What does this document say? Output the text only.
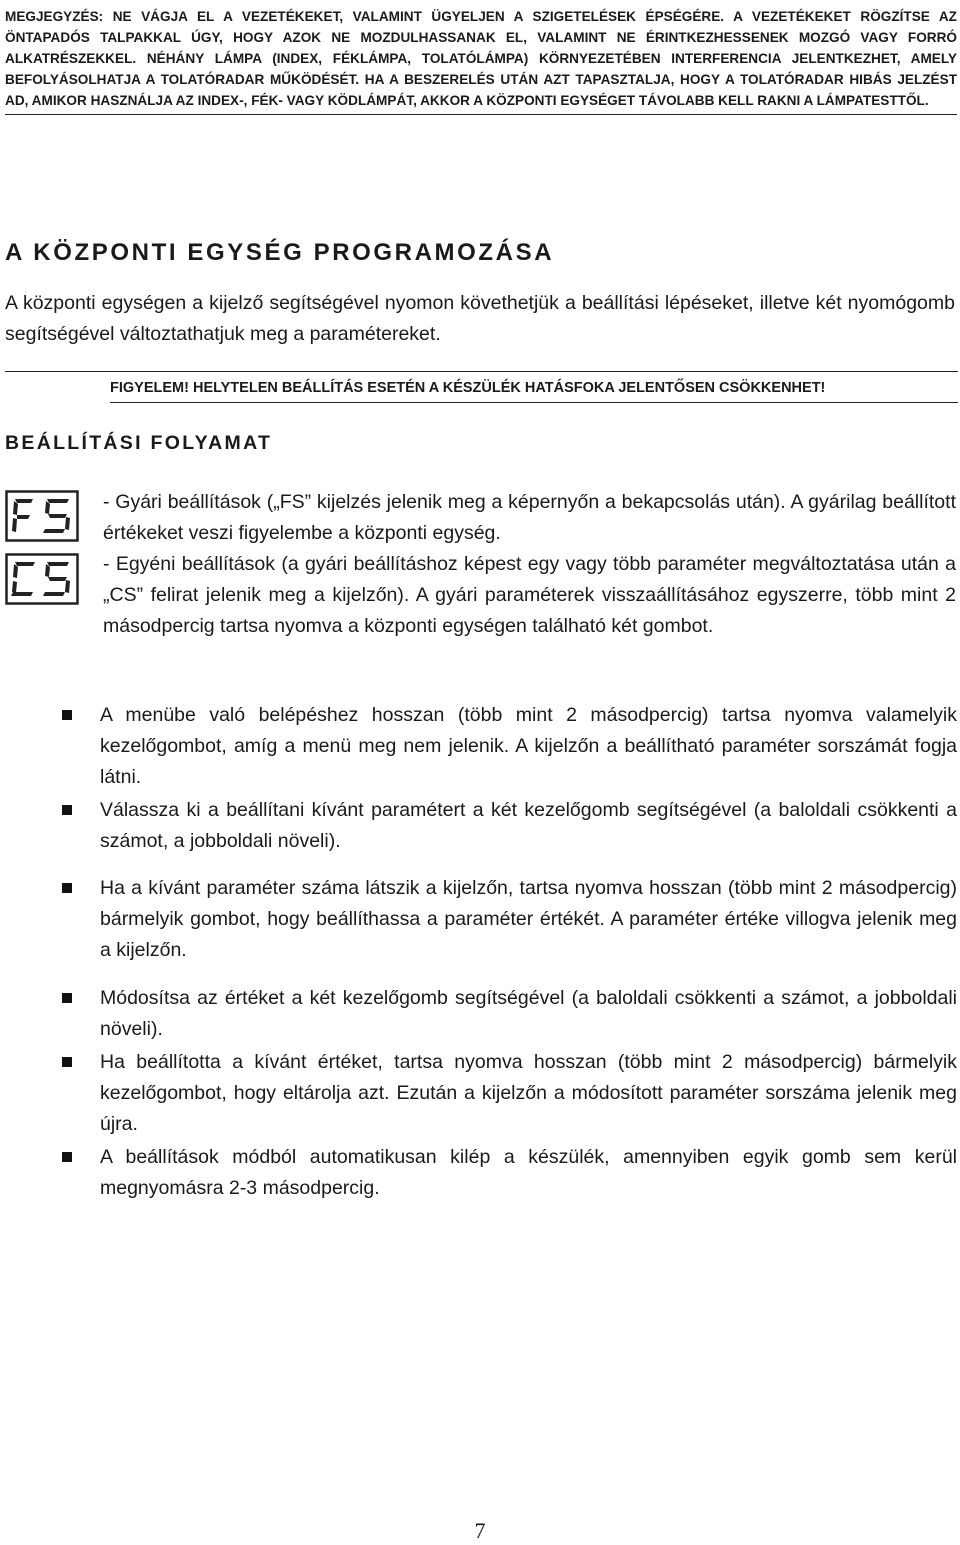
MEGJEGYZÉS: NE VÁGJA EL A VEZETÉKEKET, VALAMINT ÜGYELJEN A SZIGETELÉSEK ÉPSÉGÉRE. A VEZETÉKEKET RÖGZÍTSE AZ ÖNTAPADÓS TALPAKKAL ÚGY, HOGY AZOK NE MOZDULHASSANAK EL, VALAMINT NE ÉRINTKEZHESSENEK MOZGÓ VAGY FORRÓ ALKATRÉSZEKKEL. NÉHÁNY LÁMPA (INDEX, FÉKLÁMPA, TOLATÓLÁMPA) KÖRNYEZETÉBEN INTERFERENCIA JELENTKEZHET, AMELY BEFOLYÁSOLHATJA A TOLATÓRADAR MŰKÖDÉSÉT. HA A BESZERELÉS UTÁN AZT TAPASZTALJA, HOGY A TOLATÓRADAR HIBÁS JELZÉST AD, AMIKOR HASZNÁLJA AZ INDEX-, FÉK- VAGY KÖDLÁMPÁT, AKKOR A KÖZPONTI EGYSÉGET TÁVOLABB KELL RAKNI A LÁMPATESTTŐL.
A KÖZPONTI EGYSÉG PROGRAMOZÁSA
A központi egységen a kijelző segítségével nyomon követhetjük a beállítási lépéseket, illetve két nyomógomb segítségével változtathatjuk meg a paramétereket.
FIGYELEM! HELYTELEN BEÁLLÍTÁS ESETÉN A KÉSZÜLÉK HATÁSFOKA JELENTŐSEN CSÖKKENHET!
BEÁLLÍTÁSI FOLYAMAT

- Gyári beállítások („FS” kijelzés jelenik meg a képernyőn a bekapcsolás után). A gyárilag beállított értékeket veszi figyelembe a központi egység.

- Egyéni beállítások (a gyári beállításhoz képest egy vagy több paraméter megváltoztatása után a „CS” felirat jelenik meg a kijelzőn). A gyári paraméterek visszaállításához egyszerre, több mint 2 másodpercig tartsa nyomva a központi egységen található két gombot.

A menübe való belépéshez hosszan (több mint 2 másodpercig) tartsa nyomva valamelyik kezelőgombot, amíg a menü meg nem jelenik. A kijelzőn a beállítható paraméter sorszámát fogja látni.
Válassza ki a beállítani kívánt paramétert a két kezelőgomb segítségével (a baloldali csökkenti a számot, a jobboldali növeli).
Ha a kívánt paraméter száma látszik a kijelzőn, tartsa nyomva hosszan (több mint 2 másodpercig) bármelyik gombot, hogy beállíthassa a paraméter értékét. A paraméter értéke villogva jelenik meg a kijelzőn.
Módosítsa az értéket a két kezelőgomb segítségével (a baloldali csökkenti a számot, a jobboldali növeli).
Ha beállította a kívánt értéket, tartsa nyomva hosszan (több mint 2 másodpercig) bármelyik kezelőgombot, hogy eltárolja azt. Ezután a kijelzőn a módosított paraméter sorszáma jelenik meg újra.
A beállítások módból automatikusan kilép a készülék, amennyiben egyik gomb sem kerül megnyomásra 2-3 másodpercig.
7
